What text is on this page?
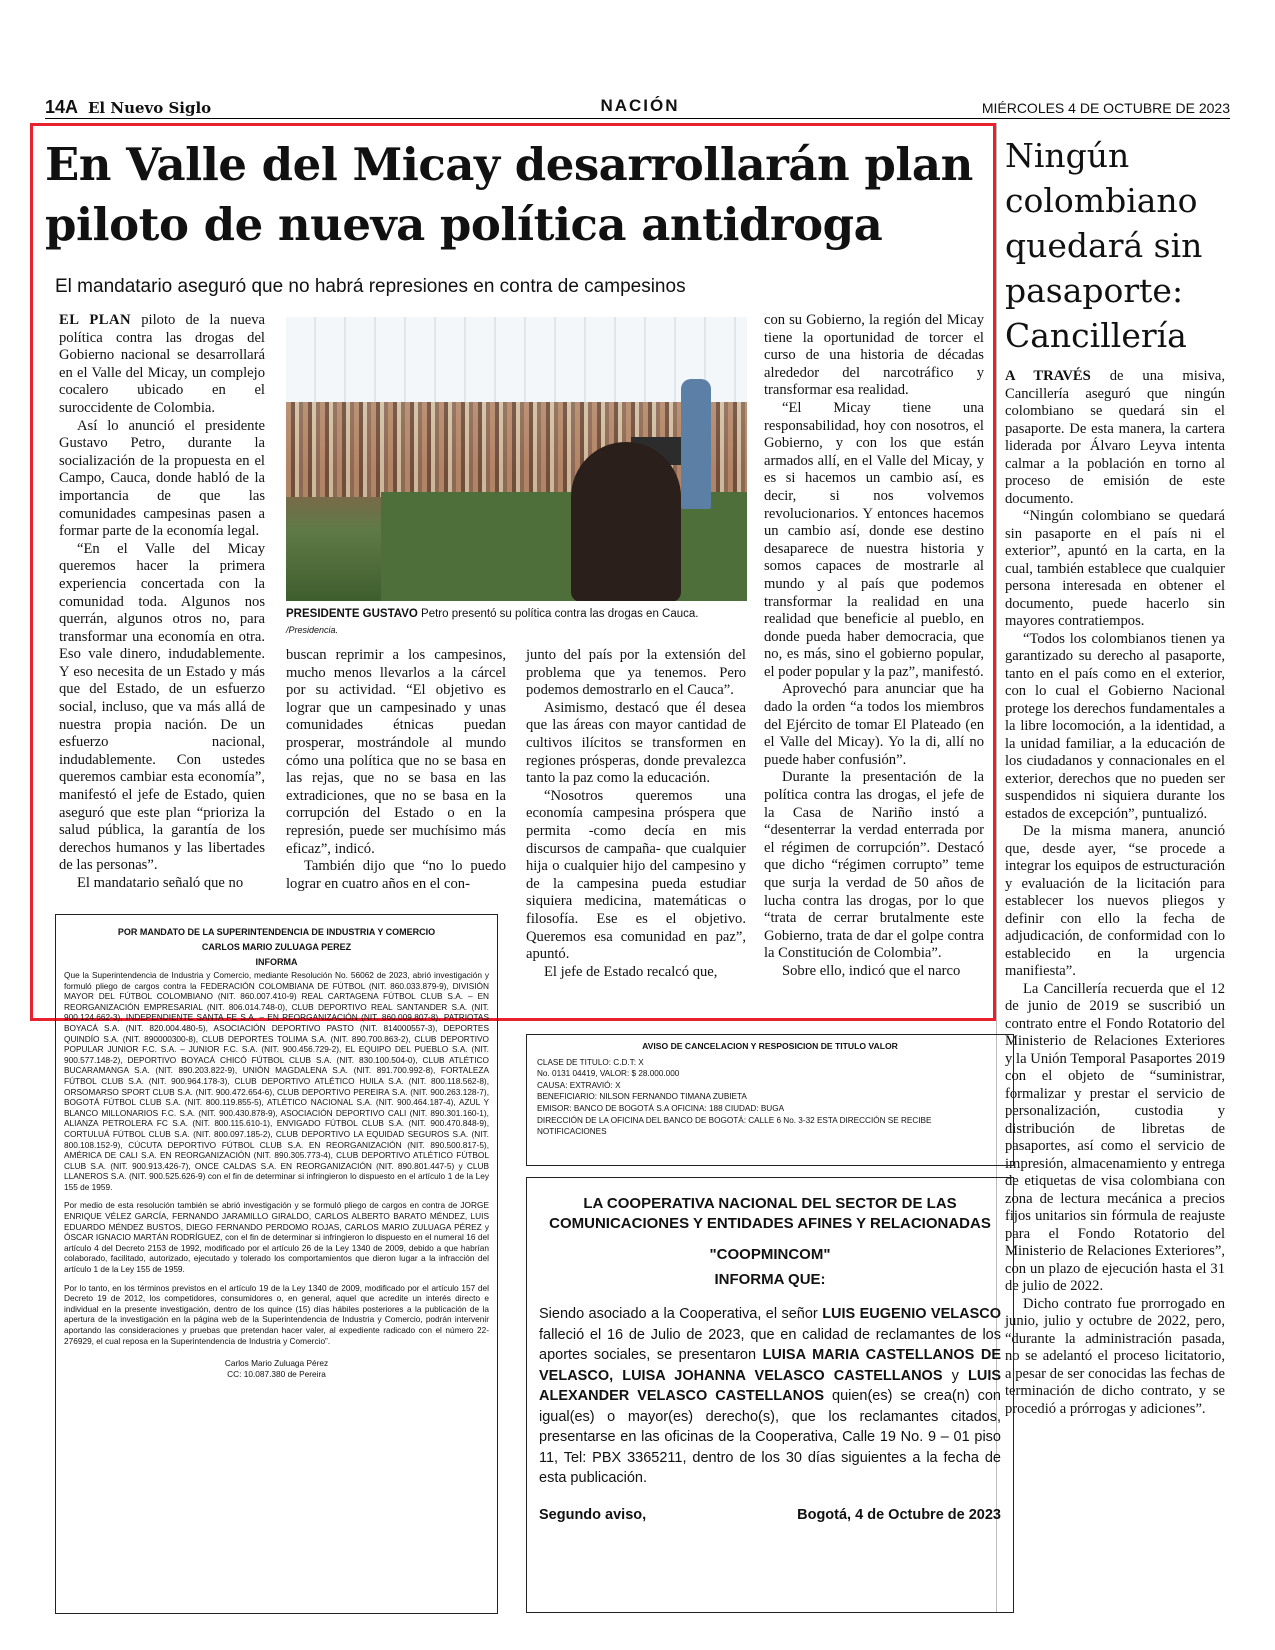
14A El Nuevo Siglo	NACIÓN	MIÉRCOLES 4 DE OCTUBRE DE 2023
En Valle del Micay desarrollarán plan piloto de nueva política antidroga
El mandatario aseguró que no habrá represiones en contra de campesinos

EL PLAN piloto de la nueva política contra las drogas del Gobierno nacional se desarrollará en el Valle del Micay, un complejo cocalero ubicado en el suroccidente de Colombia.

Así lo anunció el presidente Gustavo Petro, durante la socialización de la propuesta en el Campo, Cauca, donde habló de la importancia de que las comunidades campesinas pasen a formar parte de la economía legal.

“En el Valle del Micay queremos hacer la primera experiencia concertada con la comunidad toda. Algunos nos querrán, algunos otros no, para transformar una economía en otra. Eso vale dinero, indudablemente. Y eso necesita de un Estado y más que del Estado, de un esfuerzo social, incluso, que va más allá de nuestra propia nación. De un esfuerzo nacional, indudablemente. Con ustedes queremos cambiar esta economía”, manifestó el jefe de Estado, quien aseguró que este plan “prioriza la salud pública, la garantía de los derechos humanos y las libertades de las personas”.

El mandatario señaló que no

PRESIDENTE GUSTAVO Petro presentó su política contra las drogas en Cauca.
/Presidencia.

buscan reprimir a los campesinos, mucho menos llevarlos a la cárcel por su actividad. “El objetivo es lograr que un campesinado y unas comunidades étnicas puedan prosperar, mostrándole al mundo cómo una política que no se basa en las rejas, que no se basa en las extradiciones, que no se basa en la corrupción del Estado o en la represión, puede ser muchísimo más eficaz”, indicó.

También dijo que “no lo puedo lograr en cuatro años en el con-

junto del país por la extensión del problema que ya tenemos. Pero podemos demostrarlo en el Cauca”.

Asimismo, destacó que él desea que las áreas con mayor cantidad de cultivos ilícitos se transformen en regiones prósperas, donde prevalezca tanto la paz como la educación.

“Nosotros queremos una economía campesina próspera que permita -como decía en mis discursos de campaña- que cualquier hija o cualquier hijo del campesino y de la campesina pueda estudiar siquiera medicina, matemáticas o filosofía. Ese es el objetivo. Queremos esa comunidad en paz”, apuntó.

El jefe de Estado recalcó que,

con su Gobierno, la región del Micay tiene la oportunidad de torcer el curso de una historia de décadas alrededor del narcotráfico y transformar esa realidad.

“El Micay tiene una responsabilidad, hoy con nosotros, el Gobierno, y con los que están armados allí, en el Valle del Micay, y es si hacemos un cambio así, es decir, si nos volvemos revolucionarios. Y entonces hacemos un cambio así, donde ese destino desaparece de nuestra historia y somos capaces de mostrarle al mundo y al país que podemos transformar la realidad en una realidad que beneficie al pueblo, en donde pueda haber democracia, que no, es más, sino el gobierno popular, el poder popular y la paz”, manifestó.

Aprovechó para anunciar que ha dado la orden “a todos los miembros del Ejército de tomar El Plateado (en el Valle del Micay). Yo la di, allí no puede haber confusión”.

Durante la presentación de la política contra las drogas, el jefe de la Casa de Nariño instó a “desenterrar la verdad enterrada por el régimen de corrupción”. Destacó que dicho “régimen corrupto” teme que surja la verdad de 50 años de lucha contra las drogas, por lo que “trata de cerrar brutalmente este Gobierno, trata de dar el golpe contra la Constitución de Colombia”.

Sobre ello, indicó que el narco

Ningún colombiano quedará sin pasaporte: Cancillería

A TRAVÉS de una misiva, Cancillería aseguró que ningún colombiano se quedará sin el pasaporte. De esta manera, la cartera liderada por Álvaro Leyva intenta calmar a la población en torno al proceso de emisión de este documento.

“Ningún colombiano se quedará sin pasaporte en el país ni el exterior”, apuntó en la carta, en la cual, también establece que cualquier persona interesada en obtener el documento, puede hacerlo sin mayores contratiempos.

“Todos los colombianos tienen ya garantizado su derecho al pasaporte, tanto en el país como en el exterior, con lo cual el Gobierno Nacional protege los derechos fundamentales a la libre locomoción, a la identidad, a la unidad familiar, a la educación de los ciudadanos y connacionales en el exterior, derechos que no pueden ser suspendidos ni siquiera durante los estados de excepción”, puntualizó.

De la misma manera, anunció que, desde ayer, “se procede a integrar los equipos de estructuración y evaluación de la licitación para establecer los nuevos pliegos y definir con ello la fecha de adjudicación, de conformidad con lo establecido en la urgencia manifiesta”.

La Cancillería recuerda que el 12 de junio de 2019 se suscribió un contrato entre el Fondo Rotatorio del Ministerio de Relaciones Exteriores y la Unión Temporal Pasaportes 2019 con el objeto de “suministrar, formalizar y prestar el servicio de personalización, custodia y distribución de libretas de pasaportes, así como el servicio de impresión, almacenamiento y entrega de etiquetas de visa colombiana con zona de lectura mecánica a precios fijos unitarios sin fórmula de reajuste para el Fondo Rotatorio del Ministerio de Relaciones Exteriores”, con un plazo de ejecución hasta el 31 de julio de 2022.

Dicho contrato fue prorrogado en junio, julio y octubre de 2022, pero, “durante la administración pasada, no se adelantó el proceso licitatorio, a pesar de ser conocidas las fechas de terminación de dicho contrato, y se procedió a prórrogas y adiciones”.

POR MANDATO DE LA SUPERINTENDENCIA DE INDUSTRIA Y COMERCIO
CARLOS MARIO ZULUAGA PEREZ
INFORMA

Que la Superintendencia de Industria y Comercio, mediante Resolución No. 56062 de 2023, abrió investigación y formuló pliego de cargos contra la FEDERACIÓN COLOMBIANA DE FÚTBOL (NIT. 860.033.879-9), DIVISIÓN MAYOR DEL FÚTBOL COLOMBIANO (NIT. 860.007.410-9) REAL CARTAGENA FÚTBOL CLUB S.A. – EN REORGANIZACIÓN EMPRESARIAL (NIT. 806.014.748-0), CLUB DEPORTIVO REAL SANTANDER S.A. (NIT. 900.124.662-3), INDEPENDIENTE SANTA FE S.A. – EN REORGANIZACIÓN (NIT. 860.009.807-8), PATRIOTAS BOYACÁ S.A. (NIT. 820.004.480-5), ASOCIACIÓN DEPORTIVO PASTO (NIT. 814000557-3), DEPORTES QUINDÍO S.A. (NIT. 890000300-8), CLUB DEPORTES TOLIMA S.A. (NIT. 890.700.863-2), CLUB DEPORTIVO POPULAR JUNIOR F.C. S.A. – JUNIOR F.C. S.A. (NIT. 900.456.729-2), EL EQUIPO DEL PUEBLO S.A. (NIT. 900.577.148-2), DEPORTIVO BOYACÁ CHICÓ FÚTBOL CLUB S.A. (NIT. 830.100.504-0), CLUB ATLÉTICO BUCARAMANGA S.A. (NIT. 890.203.822-9), UNIÓN MAGDALENA S.A. (NIT. 891.700.992-8), FORTALEZA FÚTBOL CLUB S.A. (NIT. 900.964.178-3), CLUB DEPORTIVO ATLÉTICO HUILA S.A. (NIT. 800.118.562-8), ORSOMARSO SPORT CLUB S.A. (NIT. 900.472.654-6), CLUB DEPORTIVO PEREIRA S.A. (NIT. 900.263.128-7), BOGOTÁ FÚTBOL CLUB S.A. (NIT. 800.119.855-5), ATLÉTICO NACIONAL S.A. (NIT. 900.464.187-4), AZUL Y BLANCO MILLONARIOS F.C. S.A. (NIT. 900.430.878-9), ASOCIACIÓN DEPORTIVO CALI (NIT. 890.301.160-1), ALIANZA PETROLERA FC S.A. (NIT. 800.115.610-1), ENVIGADO FÚTBOL CLUB S.A. (NIT. 900.470.848-9), CORTULUÁ FÚTBOL CLUB S.A. (NIT. 800.097.185-2), CLUB DEPORTIVO LA EQUIDAD SEGUROS S.A. (NIT. 800.108.152-9), CÚCUTA DEPORTIVO FÚTBOL CLUB S.A. EN REORGANIZACIÓN (NIT. 890.500.817-5), AMÉRICA DE CALI S.A. EN REORGANIZACIÓN (NIT. 890.305.773-4), CLUB DEPORTIVO ATLÉTICO FÚTBOL CLUB S.A. (NIT. 900.913.426-7), ONCE CALDAS S.A. EN REORGANIZACIÓN (NIT. 890.801.447-5) y CLUB LLANEROS S.A. (NIT. 900.525.626-9) con el fin de determinar si infringieron lo dispuesto en el artículo 1 de la Ley 155 de 1959.

Por medio de esta resolución también se abrió investigación y se formuló pliego de cargos en contra de JORGE ENRIQUE VÉLEZ GARCÍA, FERNANDO JARAMILLO GIRALDO, CARLOS ALBERTO BARATO MÉNDEZ, LUIS EDUARDO MÉNDEZ BUSTOS, DIEGO FERNANDO PERDOMO ROJAS, CARLOS MARIO ZULUAGA PÉREZ y ÓSCAR IGNACIO MARTÁN RODRÍGUEZ, con el fin de determinar si infringieron lo dispuesto en el numeral 16 del artículo 4 del Decreto 2153 de 1992, modificado por el artículo 26 de la Ley 1340 de 2009, debido a que habrían colaborado, facilitado, autorizado, ejecutado y tolerado los comportamientos que dieron lugar a la infracción del artículo 1 de la Ley 155 de 1959.

Por lo tanto, en los términos previstos en el artículo 19 de la Ley 1340 de 2009, modificado por el artículo 157 del Decreto 19 de 2012, los competidores, consumidores o, en general, aquel que acredite un interés directo e individual en la presente investigación, dentro de los quince (15) días hábiles posteriores a la publicación de la apertura de la investigación en la página web de la Superintendencia de Industria y Comercio, podrán intervenir aportando las consideraciones y pruebas que pretendan hacer valer, al expediente radicado con el número 22-276929, el cual reposa en la Superintendencia de Industria y Comercio”.

Carlos Mario Zuluaga Pérez
CC: 10.087.380 de Pereira
AVISO DE CANCELACION Y RESPOSICION DE TITULO VALOR
CLASE DE TITULO: C.D.T: X
No. 0131 04419, VALOR: $ 28.000.000
CAUSA: EXTRAVIÓ: X
BENEFICIARIO: NILSON FERNANDO TIMANA ZUBIETA
EMISOR: BANCO DE BOGOTÁ S.A OFICINA: 188 CIUDAD: BUGA
DIRECCIÓN DE LA OFICINA DEL BANCO DE BOGOTÁ: CALLE 6 No. 3-32 ESTA DIRECCIÓN SE RECIBE NOTIFICACIONES
LA COOPERATIVA NACIONAL DEL SECTOR DE LAS COMUNICACIONES Y ENTIDADES AFINES Y RELACIONADAS
"COOPMINCOM"
INFORMA QUE:
Siendo asociado a la Cooperativa, el señor LUIS EUGENIO VELASCO falleció el 16 de Julio de 2023, que en calidad de reclamantes de los aportes sociales, se presentaron LUISA MARIA CASTELLANOS DE VELASCO, LUISA JOHANNA VELASCO CASTELLANOS y LUIS ALEXANDER VELASCO CASTELLANOS quien(es) se crea(n) con igual(es) o mayor(es) derecho(s), que los reclamantes citados, presentarse en las oficinas de la Cooperativa, Calle 19 No. 9 – 01 piso 11, Tel: PBX 3365211, dentro de los 30 días siguientes a la fecha de esta publicación.
Segundo aviso,	Bogotá, 4 de Octubre de 2023
